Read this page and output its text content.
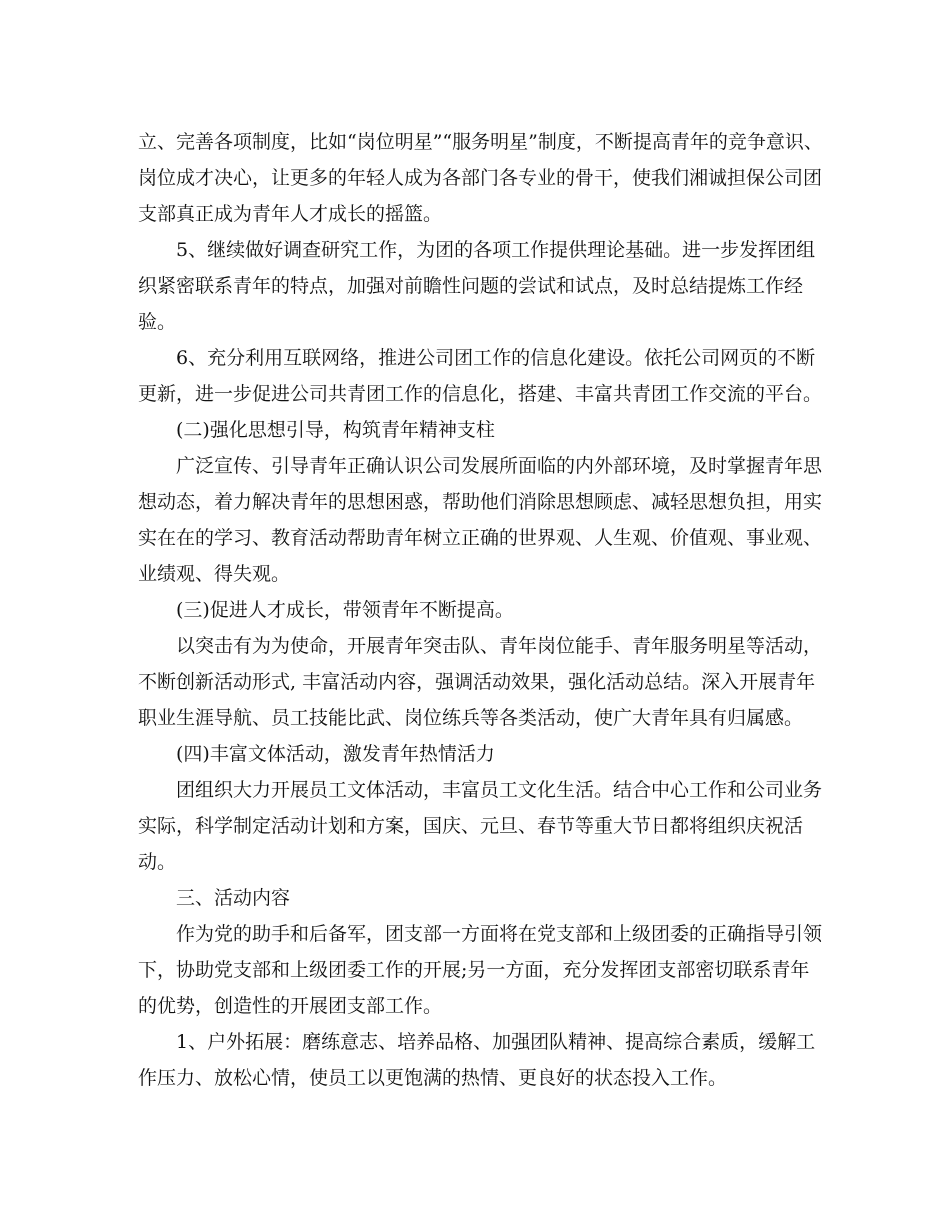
立、完善各项制度，比如“岗位明星”“服务明星”制度，不断提高青年的竞争意识、
岗位成才决心，让更多的年轻人成为各部门各专业的骨干，使我们湘诚担保公司团
支部真正成为青年人才成长的摇篮。
5、继续做好调查研究工作，为团的各项工作提供理论基础。进一步发挥团组
织紧密联系青年的特点，加强对前瞻性问题的尝试和试点，及时总结提炼工作经
验。
6、充分利用互联网络，推进公司团工作的信息化建设。依托公司网页的不断
更新，进一步促进公司共青团工作的信息化，搭建、丰富共青团工作交流的平台。
(二)强化思想引导，构筑青年精神支柱
广泛宣传、引导青年正确认识公司发展所面临的内外部环境，及时掌握青年思
想动态，着力解决青年的思想困惑，帮助他们消除思想顾虑、减轻思想负担，用实
实在在的学习、教育活动帮助青年树立正确的世界观、人生观、价值观、事业观、
业绩观、得失观。
(三)促进人才成长，带领青年不断提高。
以突击有为为使命，开展青年突击队、青年岗位能手、青年服务明星等活动，
不断创新活动形式, 丰富活动内容，强调活动效果，强化活动总结。深入开展青年
职业生涯导航、员工技能比武、岗位练兵等各类活动，使广大青年具有归属感。
(四)丰富文体活动，激发青年热情活力
团组织大力开展员工文体活动，丰富员工文化生活。结合中心工作和公司业务
实际，科学制定活动计划和方案，国庆、元旦、春节等重大节日都将组织庆祝活
动。
三、活动内容
作为党的助手和后备军，团支部一方面将在党支部和上级团委的正确指导引领
下，协助党支部和上级团委工作的开展;另一方面，充分发挥团支部密切联系青年
的优势，创造性的开展团支部工作。
1、户外拓展：磨练意志、培养品格、加强团队精神、提高综合素质，缓解工
作压力、放松心情，使员工以更饱满的热情、更良好的状态投入工作。
